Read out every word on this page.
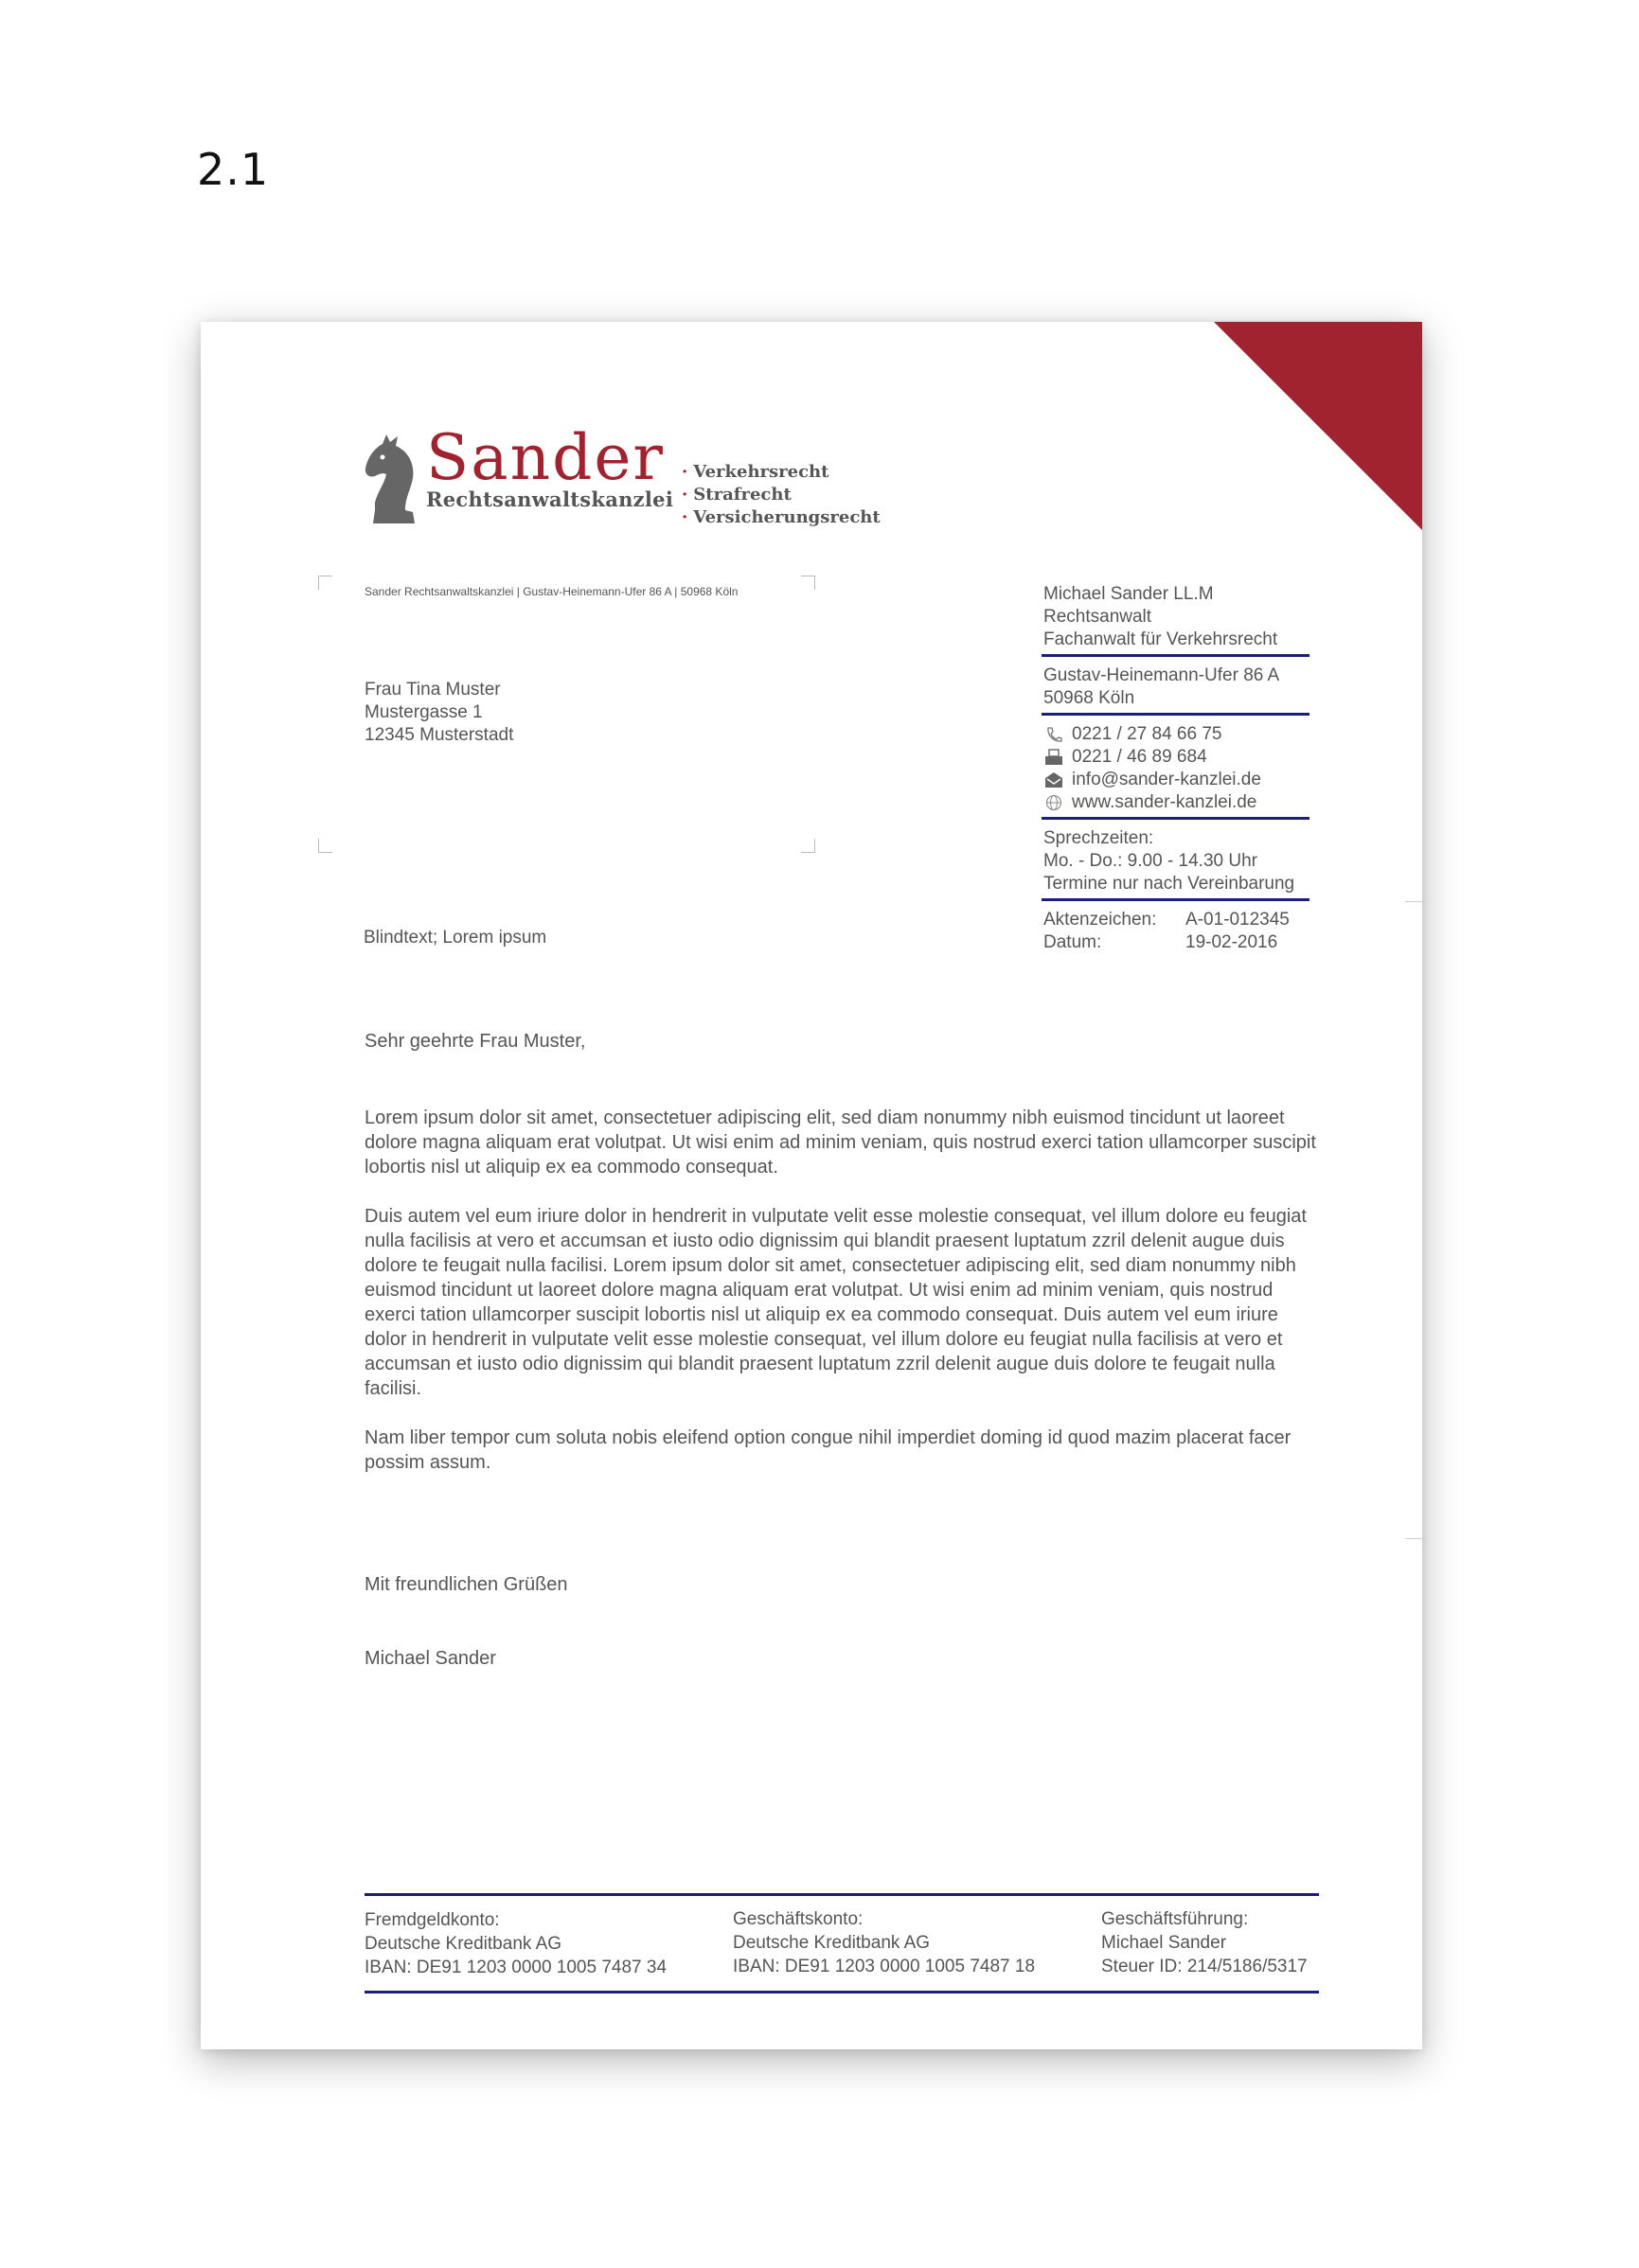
2.1
Sander
Rechtsanwaltskanzlei
· Verkehrsrecht
· Strafrecht
· Versicherungsrecht
Sander Rechtsanwaltskanzlei | Gustav-Heinemann-Ufer 86 A | 50968 Köln
Frau Tina Muster
Mustergasse 1
12345 Musterstadt
Blindtext; Lorem ipsum
Michael Sander LL.M
Rechtsanwalt
Fachanwalt für Verkehrsrecht
Gustav-Heinemann-Ufer 86 A
50968 Köln
0221 / 27 84 66 75
0221 / 46 89 684
info@sander-kanzlei.de
www.sander-kanzlei.de
Sprechzeiten:
Mo. - Do.: 9.00 - 14.30 Uhr
Termine nur nach Vereinbarung
Aktenzeichen:	A-01-012345
Datum:	19-02-2016
Sehr geehrte Frau Muster,

Lorem ipsum dolor sit amet, consectetuer adipiscing elit, sed diam nonummy nibh euismod tincidunt ut laoreet dolore magna aliquam erat volutpat. Ut wisi enim ad minim veniam, quis nostrud exerci tation ullamcorper suscipit lobortis nisl ut aliquip ex ea commodo consequat.

Duis autem vel eum iriure dolor in hendrerit in vulputate velit esse molestie consequat, vel illum dolore eu feugiat nulla facilisis at vero et accumsan et iusto odio dignissim qui blandit praesent luptatum zzril delenit augue duis dolore te feugait nulla facilisi. Lorem ipsum dolor sit amet, consectetuer adipiscing elit, sed diam nonummy nibh euismod tincidunt ut laoreet dolore magna aliquam erat volutpat. Ut wisi enim ad minim veniam, quis nostrud exerci tation ullamcorper suscipit lobortis nisl ut aliquip ex ea commodo consequat. Duis autem vel eum iriure dolor in hendrerit in vulputate velit esse molestie consequat, vel illum dolore eu feugiat nulla facilisis at vero et accumsan et iusto odio dignissim qui blandit praesent luptatum zzril delenit augue duis dolore te feugait nulla facilisi.

Nam liber tempor cum soluta nobis eleifend option congue nihil imperdiet doming id quod mazim placerat facer possim assum.

Mit freundlichen Grüßen
Michael Sander
Fremdgeldkonto:
Deutsche Kreditbank AG
IBAN: DE91 1203 0000 1005 7487 34
Geschäftskonto:
Deutsche Kreditbank AG
IBAN: DE91 1203 0000 1005 7487 18
Geschäftsführung:
Michael Sander
Steuer ID: 214/5186/5317
